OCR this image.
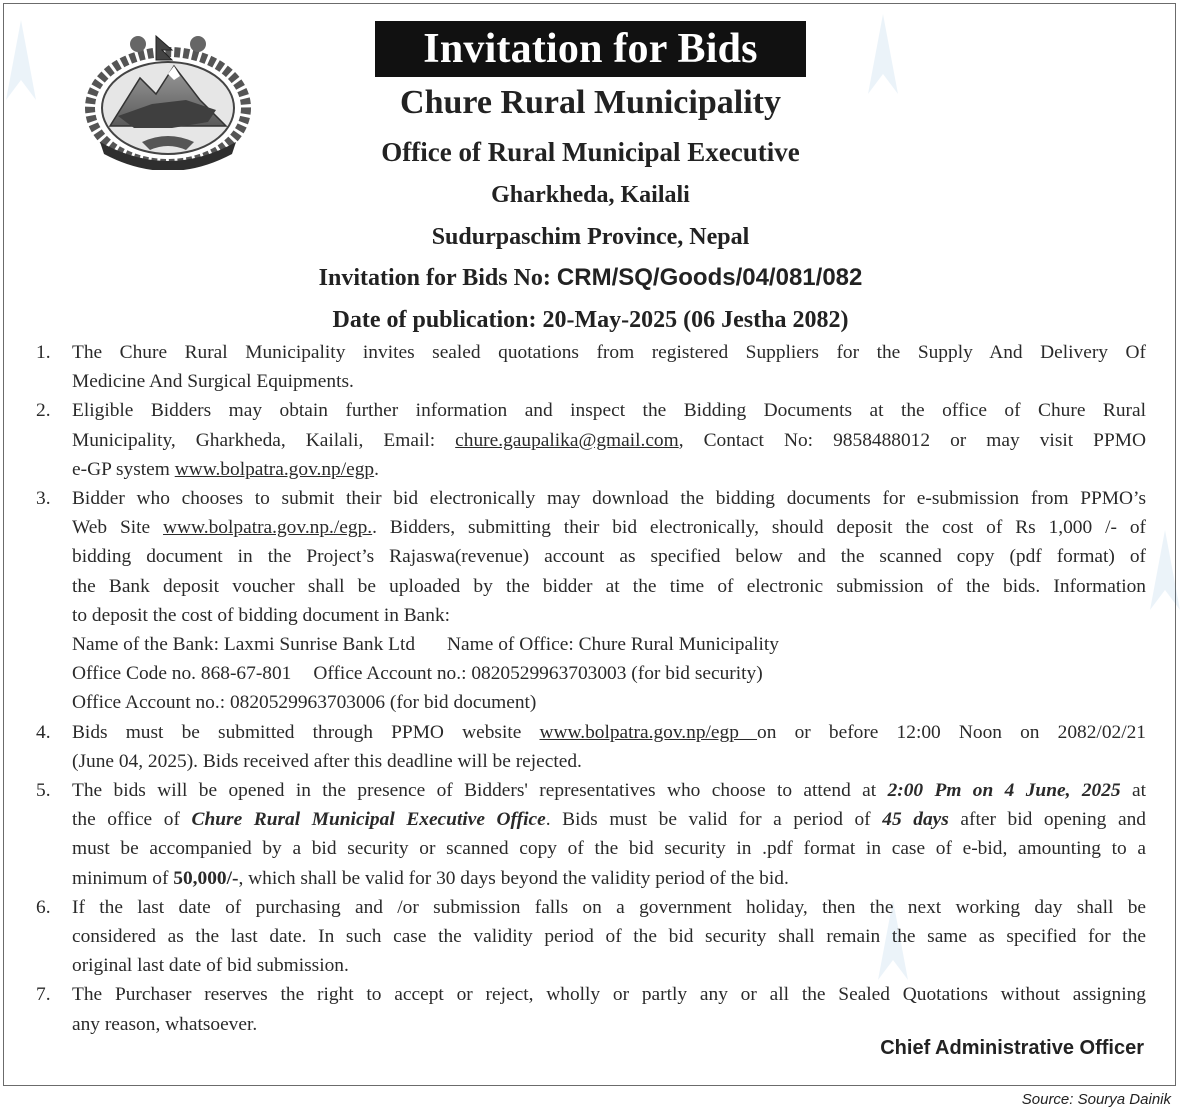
Invitation for Bids
Chure Rural Municipality
Office of Rural Municipal Executive
Gharkheda, Kailali
Sudurpaschim Province, Nepal
Invitation for Bids No: CRM/SQ/Goods/04/081/082
Date of publication: 20-May-2025 (06 Jestha 2082)
1.	The Chure Rural Municipality invites sealed quotations from registered Suppliers for the Supply And Delivery Of
Medicine And Surgical Equipments.
2.	Eligible Bidders may obtain further information and inspect the Bidding Documents at the office of Chure Rural
Municipality, Gharkheda, Kailali, Email: chure.gaupalika@gmail.com, Contact No: 9858488012 or may visit PPMO
e-GP system www.bolpatra.gov.np/egp.
3.	Bidder who chooses to submit their bid electronically may download the bidding documents for e-submission from PPMO’s
Web Site www.bolpatra.gov.np./egp.. Bidders, submitting their bid electronically, should deposit the cost of Rs 1,000 /- of
bidding document in the Project’s Rajaswa(revenue) account as specified below and the scanned copy (pdf format) of
the Bank deposit voucher shall be uploaded by the bidder at the time of electronic submission of the bids. Information
to deposit the cost of bidding document in Bank:
Name of the Bank: Laxmi Sunrise Bank Ltd Name of Office: Chure Rural Municipality
Office Code no. 868-67-801 Office Account no.: 0820529963703003 (for bid security)
Office Account no.: 0820529963703006 (for bid document)
4.	Bids must be submitted through PPMO website www.bolpatra.gov.np/egp on or before 12:00 Noon on 2082/02/21
(June 04, 2025). Bids received after this deadline will be rejected.
5.	The bids will be opened in the presence of Bidders' representatives who choose to attend at 2:00 Pm on 4 June, 2025 at
the office of Chure Rural Municipal Executive Office. Bids must be valid for a period of 45 days after bid opening and
must be accompanied by a bid security or scanned copy of the bid security in .pdf format in case of e-bid, amounting to a
minimum of 50,000/-, which shall be valid for 30 days beyond the validity period of the bid.
6.	If the last date of purchasing and /or submission falls on a government holiday, then the next working day shall be
considered as the last date. In such case the validity period of the bid security shall remain the same as specified for the
original last date of bid submission.
7.	The Purchaser reserves the right to accept or reject, wholly or partly any or all the Sealed Quotations without assigning
any reason, whatsoever.
Chief Administrative Officer
Source: Sourya Dainik
